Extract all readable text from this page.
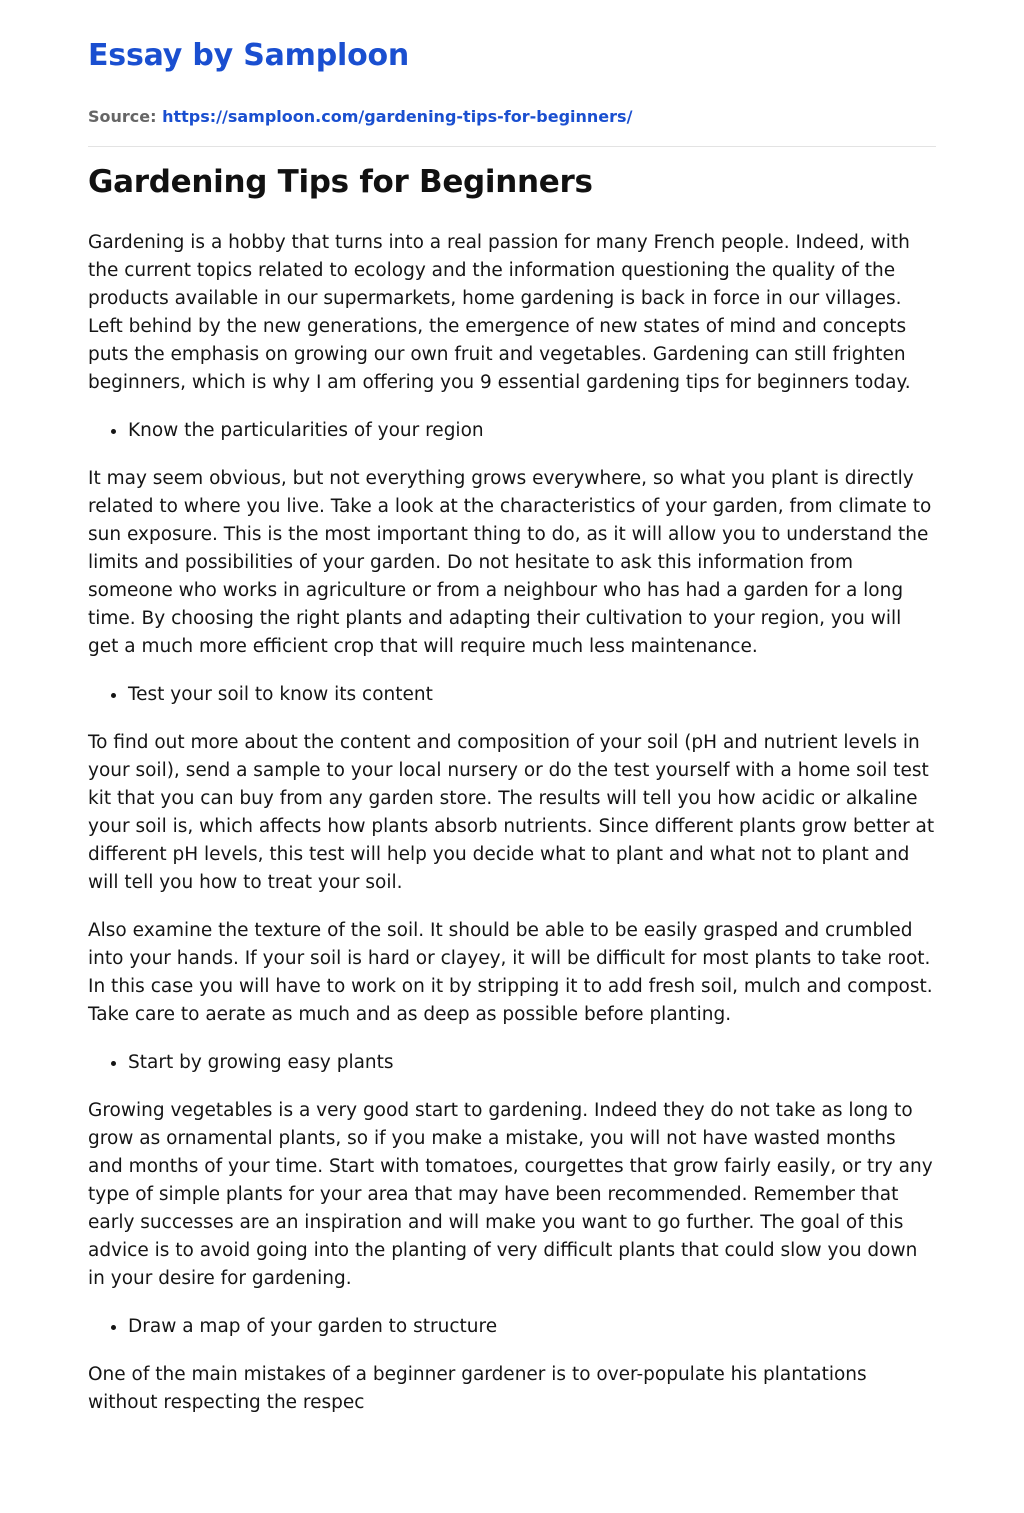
Essay by Samploon
Source: https://samploon.com/gardening-tips-for-beginners/
Gardening Tips for Beginners

Gardening is a hobby that turns into a real passion for many French people. Indeed, with the current topics related to ecology and the information questioning the quality of the products available in our supermarkets, home gardening is back in force in our villages. Left behind by the new generations, the emergence of new states of mind and concepts puts the emphasis on growing our own fruit and vegetables. Gardening can still frighten beginners, which is why I am offering you 9 essential gardening tips for beginners today.

• Know the particularities of your region

It may seem obvious, but not everything grows everywhere, so what you plant is directly related to where you live. Take a look at the characteristics of your garden, from climate to sun exposure. This is the most important thing to do, as it will allow you to understand the limits and possibilities of your garden. Do not hesitate to ask this information from someone who works in agriculture or from a neighbour who has had a garden for a long time. By choosing the right plants and adapting their cultivation to your region, you will get a much more efficient crop that will require much less maintenance.

• Test your soil to know its content

To find out more about the content and composition of your soil (pH and nutrient levels in your soil), send a sample to your local nursery or do the test yourself with a home soil test kit that you can buy from any garden store. The results will tell you how acidic or alkaline your soil is, which affects how plants absorb nutrients. Since different plants grow better at different pH levels, this test will help you decide what to plant and what not to plant and will tell you how to treat your soil.

Also examine the texture of the soil. It should be able to be easily grasped and crumbled into your hands. If your soil is hard or clayey, it will be difficult for most plants to take root. In this case you will have to work on it by stripping it to add fresh soil, mulch and compost. Take care to aerate as much and as deep as possible before planting.

• Start by growing easy plants

Growing vegetables is a very good start to gardening. Indeed they do not take as long to grow as ornamental plants, so if you make a mistake, you will not have wasted months and months of your time. Start with tomatoes, courgettes that grow fairly easily, or try any type of simple plants for your area that may have been recommended. Remember that early successes are an inspiration and will make you want to go further. The goal of this advice is to avoid going into the planting of very difficult plants that could slow you down in your desire for gardening.

• Draw a map of your garden to structure

One of the main mistakes of a beginner gardener is to over-populate his plantations without respecting the respec
